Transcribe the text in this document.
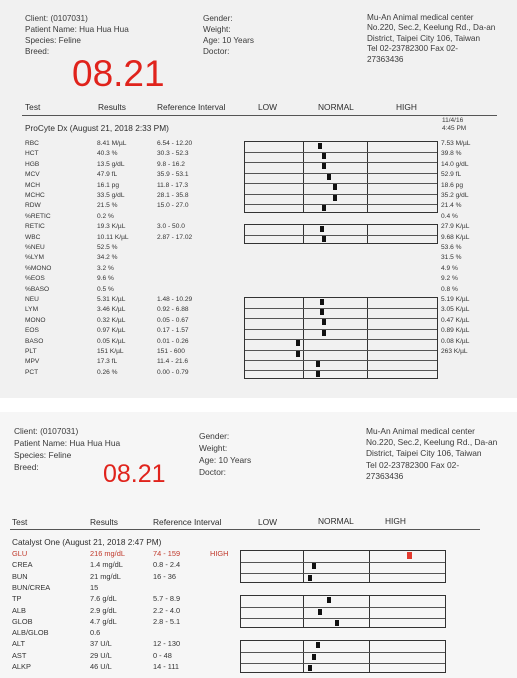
Client: (0107031)
Patient Name: Hua Hua Hua
Species: Feline
Breed:
Gender:
Weight:
Age: 10 Years
Doctor:
Mu-An Animal medical center
No.220, Sec.2, Keelung Rd., Da-an
District, Taipei City 106, Taiwan
Tel 02-23782300 Fax 02-
27363436
08.21
Test	Results	Reference Interval	LOW	NORMAL	HIGH
ProCyte Dx (August 21, 2018 2:33 PM)
11/4/16
4:45 PM
RBC	8.41 M/µL	6.54 - 12.20	7.53 M/µL
HCT	40.3 %	30.3 - 52.3	39.8 %
HGB	13.5 g/dL	9.8 - 16.2	14.0 g/dL
MCV	47.9 fL	35.9 - 53.1	52.9 fL
MCH	16.1 pg	11.8 - 17.3	18.6 pg
MCHC	33.5 g/dL	28.1 - 35.8	35.2 g/dL
RDW	21.5 %	15.0 - 27.0	21.4 %
%RETIC	0.2 %	0.4 %
RETIC	19.3 K/µL	3.0 - 50.0	27.9 K/µL
WBC	10.11 K/µL	2.87 - 17.02	9.68 K/µL
%NEU	52.5 %	53.6 %
%LYM	34.2 %	31.5 %
%MONO	3.2 %	4.9 %
%EOS	9.6 %	9.2 %
%BASO	0.5 %	0.8 %
NEU	5.31 K/µL	1.48 - 10.29	5.19 K/µL
LYM	3.46 K/µL	0.92 - 6.88	3.05 K/µL
MONO	0.32 K/µL	0.05 - 0.67	0.47 K/µL
EOS	0.97 K/µL	0.17 - 1.57	0.89 K/µL
BASO	0.05 K/µL	0.01 - 0.26	0.08 K/µL
PLT	151 K/µL	151 - 600	263 K/µL
MPV	17.3 fL	11.4 - 21.6
PCT	0.26 %	0.00 - 0.79
Client: (0107031)
Patient Name: Hua Hua Hua
Species: Feline
Breed:
Gender:
Weight:
Age: 10 Years
Doctor:
Mu-An Animal medical center
No.220, Sec.2, Keelung Rd., Da-an
District, Taipei City 106, Taiwan
Tel 02-23782300 Fax 02-
27363436
08.21
Test	Results	Reference Interval	LOW	NORMAL	HIGH
Catalyst One (August 21, 2018 2:47 PM)
GLU	216 mg/dL	74 - 159	HIGH
CREA	1.4 mg/dL	0.8 - 2.4
BUN	21 mg/dL	16 - 36
BUN/CREA	15
TP	7.6 g/dL	5.7 - 8.9
ALB	2.9 g/dL	2.2 - 4.0
GLOB	4.7 g/dL	2.8 - 5.1
ALB/GLOB	0.6
ALT	37 U/L	12 - 130
AST	29 U/L	0 - 48
ALKP	46 U/L	14 - 111
